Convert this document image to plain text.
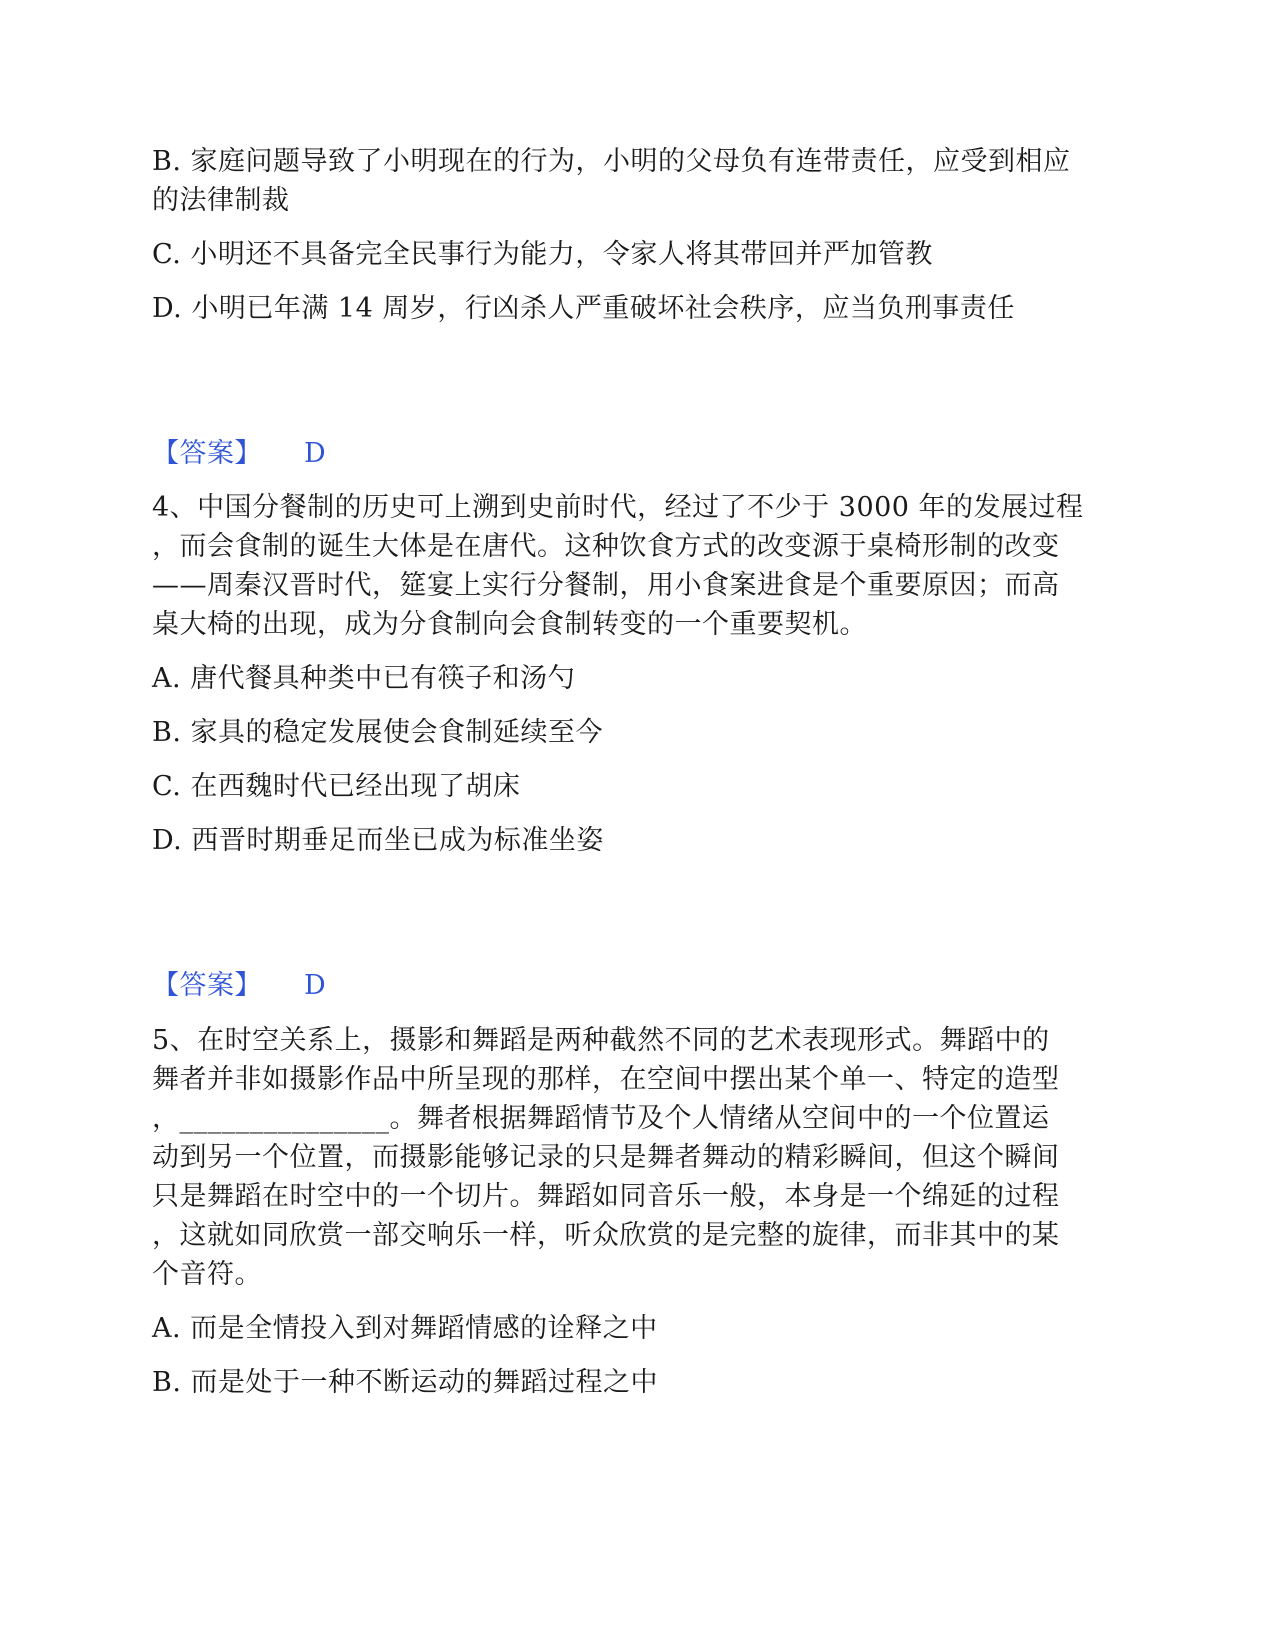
B. 家庭问题导致了小明现在的行为，小明的父母负有连带责任，应受到相应
的法律制裁
C. 小明还不具备完全民事行为能力，令家人将其带回并严加管教
D. 小明已年满 14 周岁，行凶杀人严重破坏社会秩序，应当负刑事责任
【答案】 D
4、中国分餐制的历史可上溯到史前时代，经过了不少于 3000 年的发展过程
，而会食制的诞生大体是在唐代。这种饮食方式的改变源于桌椅形制的改变
——周秦汉晋时代，筵宴上实行分餐制，用小食案进食是个重要原因；而高
桌大椅的出现，成为分食制向会食制转变的一个重要契机。
A. 唐代餐具种类中已有筷子和汤勺
B. 家具的稳定发展使会食制延续至今
C. 在西魏时代已经出现了胡床
D. 西晋时期垂足而坐已成为标准坐姿
【答案】 D
5、在时空关系上，摄影和舞蹈是两种截然不同的艺术表现形式。舞蹈中的
舞者并非如摄影作品中所呈现的那样，在空间中摆出某个单一、特定的造型
，_______________。舞者根据舞蹈情节及个人情绪从空间中的一个位置运
动到另一个位置，而摄影能够记录的只是舞者舞动的精彩瞬间，但这个瞬间
只是舞蹈在时空中的一个切片。舞蹈如同音乐一般，本身是一个绵延的过程
，这就如同欣赏一部交响乐一样，听众欣赏的是完整的旋律，而非其中的某
个音符。
A. 而是全情投入到对舞蹈情感的诠释之中
B. 而是处于一种不断运动的舞蹈过程之中
